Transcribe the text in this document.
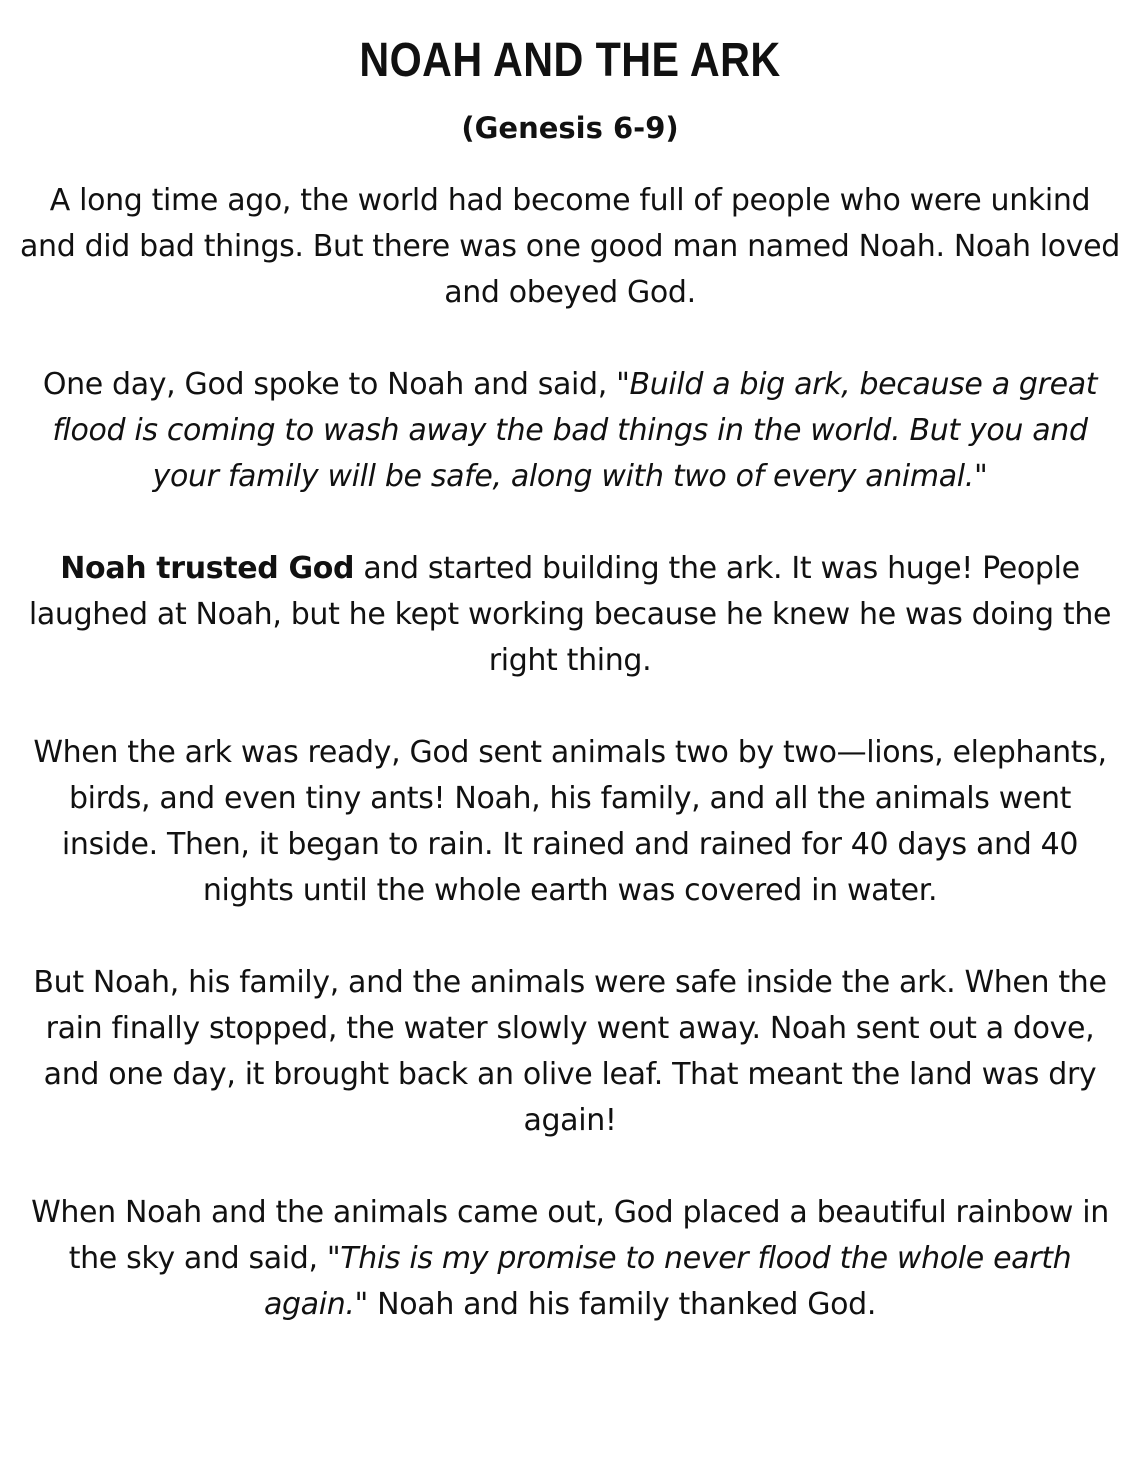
NOAH AND THE ARK
(Genesis 6-9)

A long time ago, the world had become full of people who were unkind and did bad things. But there was one good man named Noah. Noah loved and obeyed God.

One day, God spoke to Noah and said, "Build a big ark, because a great flood is coming to wash away the bad things in the world. But you and your family will be safe, along with two of every animal."

Noah trusted God and started building the ark. It was huge! People laughed at Noah, but he kept working because he knew he was doing the right thing.

When the ark was ready, God sent animals two by two—lions, elephants, birds, and even tiny ants! Noah, his family, and all the animals went inside. Then, it began to rain. It rained and rained for 40 days and 40 nights until the whole earth was covered in water.

But Noah, his family, and the animals were safe inside the ark. When the rain finally stopped, the water slowly went away. Noah sent out a dove, and one day, it brought back an olive leaf. That meant the land was dry again!

When Noah and the animals came out, God placed a beautiful rainbow in the sky and said, "This is my promise to never flood the whole earth again." Noah and his family thanked God.
